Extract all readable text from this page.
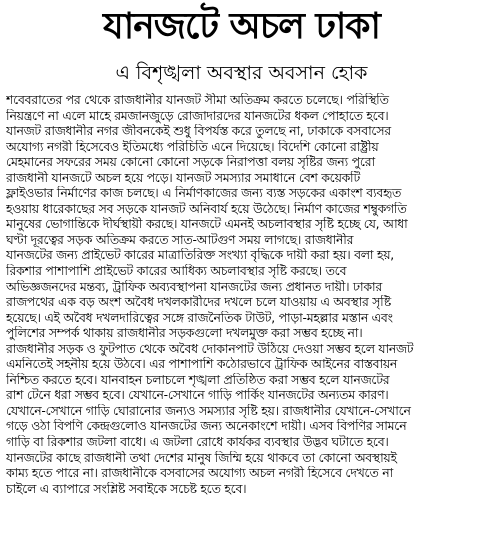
যানজটে অচল ঢাকা
এ বিশৃঙ্খলা অবস্থার অবসান হোক
শবেবরাতের পর থেকে রাজধানীর যানজট সীমা অতিক্রম করতে চলেছে। পরিস্থিতি
নিয়ন্ত্রণে না এলে মাহে রমজানজুড়ে রোজাদারদের যানজটের ধকল পোহাতে হবে।
যানজট রাজধানীর নগর জীবনকেই শুধু বিপর্যস্ত করে তুলছে না, ঢাকাকে বসবাসের
অযোগ্য নগরী হিসেবেও ইতিমধ্যে পরিচিতি এনে দিয়েছে। বিদেশি কোনো রাষ্ট্রীয়
মেহমানের সফরের সময় কোনো কোনো সড়কে নিরাপত্তা বলয় সৃষ্টির জন্য পুরো
রাজধানী যানজটে অচল হয়ে পড়ে। যানজট সমস্যার সমাধানে বেশ কয়েকটি
ফ্লাইওভার নির্মাণের কাজ চলছে। এ নির্মাণকাজের জন্য ব্যস্ত সড়কের একাংশ ব্যবহৃত
হওয়ায় ধারেকাছের সব সড়কে যানজট অনিবার্য হয়ে উঠেছে। নির্মাণ কাজের শম্বুকগতি
মানুষের ভোগান্তিকে দীর্ঘস্থায়ী করছে। যানজটে এমনই অচলাবস্থার সৃষ্টি হচ্ছে যে, আধা
ঘণ্টা দূরত্বের সড়ক অতিক্রম করতে সাত-আটগুণ সময় লাগছে। রাজধানীর
যানজটের জন্য প্রাইভেট কারের মাত্রাতিরিক্ত সংখ্যা বৃদ্ধিকে দায়ী করা হয়। বলা হয়,
রিকশার পাশাপাশি প্রাইভেট কারের আধিক্য অচলাবস্থার সৃষ্টি করছে। তবে
অভিজ্ঞজনদের মন্তব্য, ট্রাফিক অব্যবস্থাপনা যানজটের জন্য প্রধানত দায়ী। ঢাকার
রাজপথের এক বড় অংশ অবৈধ দখলকারীদের দখলে চলে যাওয়ায় এ অবস্থার সৃষ্টি
হয়েছে। এই অবৈধ দখলদারিত্বের সঙ্গে রাজনৈতিক টাউট, পাড়া-মহল্লার মস্তান এবং
পুলিশের সম্পর্ক থাকায় রাজধানীর সড়কগুলো দখলমুক্ত করা সম্ভব হচ্ছে না।
রাজধানীর সড়ক ও ফুটপাত থেকে অবৈধ দোকানপাট উঠিয়ে দেওয়া সম্ভব হলে যানজট
এমনিতেই সহনীয় হয়ে উঠবে। এর পাশাপাশি কঠোরভাবে ট্রাফিক আইনের বাস্তবায়ন
নিশ্চিত করতে হবে। যানবাহন চলাচলে শৃঙ্খলা প্রতিষ্ঠিত করা সম্ভব হলে যানজটের
রাশ টেনে ধরা সম্ভব হবে। যেখানে-সেখানে গাড়ি পার্কিং যানজটের অন্যতম কারণ।
যেখানে-সেখানে গাড়ি ঘোরানোর জন্যও সমস্যার সৃষ্টি হয়। রাজধানীর যেখানে-সেখানে
গড়ে ওঠা বিপণি কেন্দ্রগুলোও যানজটের জন্য অনেকাংশে দায়ী। এসব বিপণির সামনে
গাড়ি বা রিকশার জটলা বাধে। এ জটলা রোধে কার্যকর ব্যবস্থার উদ্ভব ঘটাতে হবে।
যানজটের কাছে রাজধানী তথা দেশের মানুষ জিম্মি হয়ে থাকবে তা কোনো অবস্থায়ই
কাম্য হতে পারে না। রাজধানীকে বসবাসের অযোগ্য অচল নগরী হিসেবে দেখতে না
চাইলে এ ব্যাপারে সংশ্লিষ্ট সবাইকে সচেষ্ট হতে হবে।
